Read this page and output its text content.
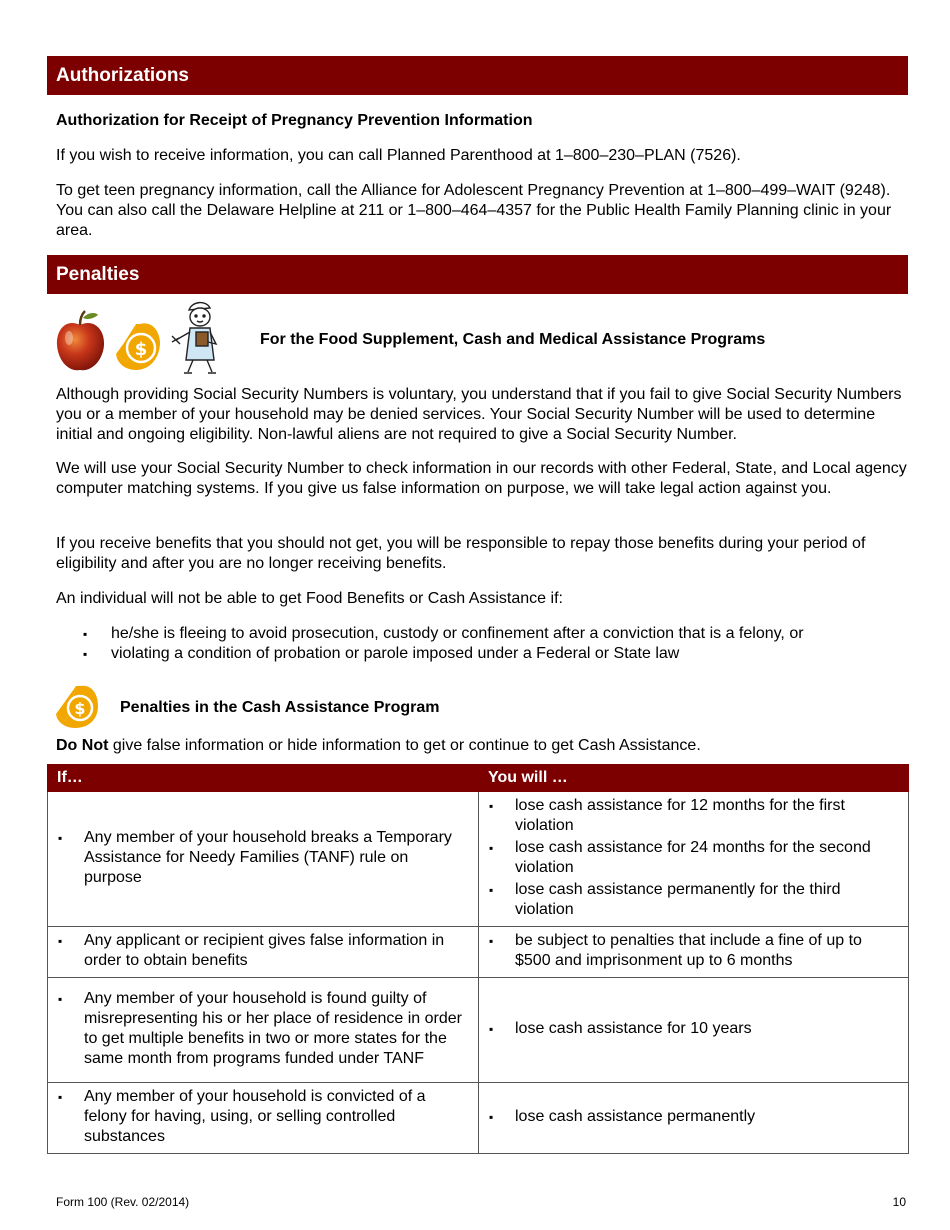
Authorizations
Authorization for Receipt of Pregnancy Prevention Information

If you wish to receive information, you can call Planned Parenthood at 1–800–230–PLAN (7526).

To get teen pregnancy information, call the Alliance for Adolescent Pregnancy Prevention at 1–800–499–WAIT (9248). You can also call the Delaware Helpline at 211 or 1–800–464–4357 for the Public Health Family Planning clinic in your area.

Penalties
$	For the Food Supplement, Cash and Medical Assistance Programs

Although providing Social Security Numbers is voluntary, you understand that if you fail to give Social Security Numbers you or a member of your household may be denied services. Your Social Security Number will be used to determine initial and ongoing eligibility. Non-lawful aliens are not required to give a Social Security Number.

We will use your Social Security Number to check information in our records with other Federal, State, and Local agency computer matching systems. If you give us false information on purpose, we will take legal action against you.

If you receive benefits that you should not get, you will be responsible to repay those benefits during your period of eligibility and after you are no longer receiving benefits.

An individual will not be able to get Food Benefits or Cash Assistance if:

▪ he/she is fleeing to avoid prosecution, custody or confinement after a conviction that is a felony, or
▪ violating a condition of probation or parole imposed under a Federal or State law
$ Penalties in the Cash Assistance Program

Do Not give false information or hide information to get or continue to get Cash Assistance.

If…	You will …

▪ Any member of your household breaks a Temporary Assistance for Needy Families (TANF) rule on purpose	▪ lose cash assistance for 12 months for the first violation
▪ lose cash assistance for 24 months for the second violation
▪ lose cash assistance permanently for the third violation

▪ Any applicant or recipient gives false information in order to obtain benefits	▪ be subject to penalties that include a fine of up to $500 and imprisonment up to 6 months

▪ Any member of your household is found guilty of misrepresenting his or her place of residence in order to get multiple benefits in two or more states for the same month from programs funded under TANF	▪ lose cash assistance for 10 years

▪ Any member of your household is convicted of a felony for having, using, or selling controlled substances	▪ lose cash assistance permanently
Form 100 (Rev. 02/2014)	10
